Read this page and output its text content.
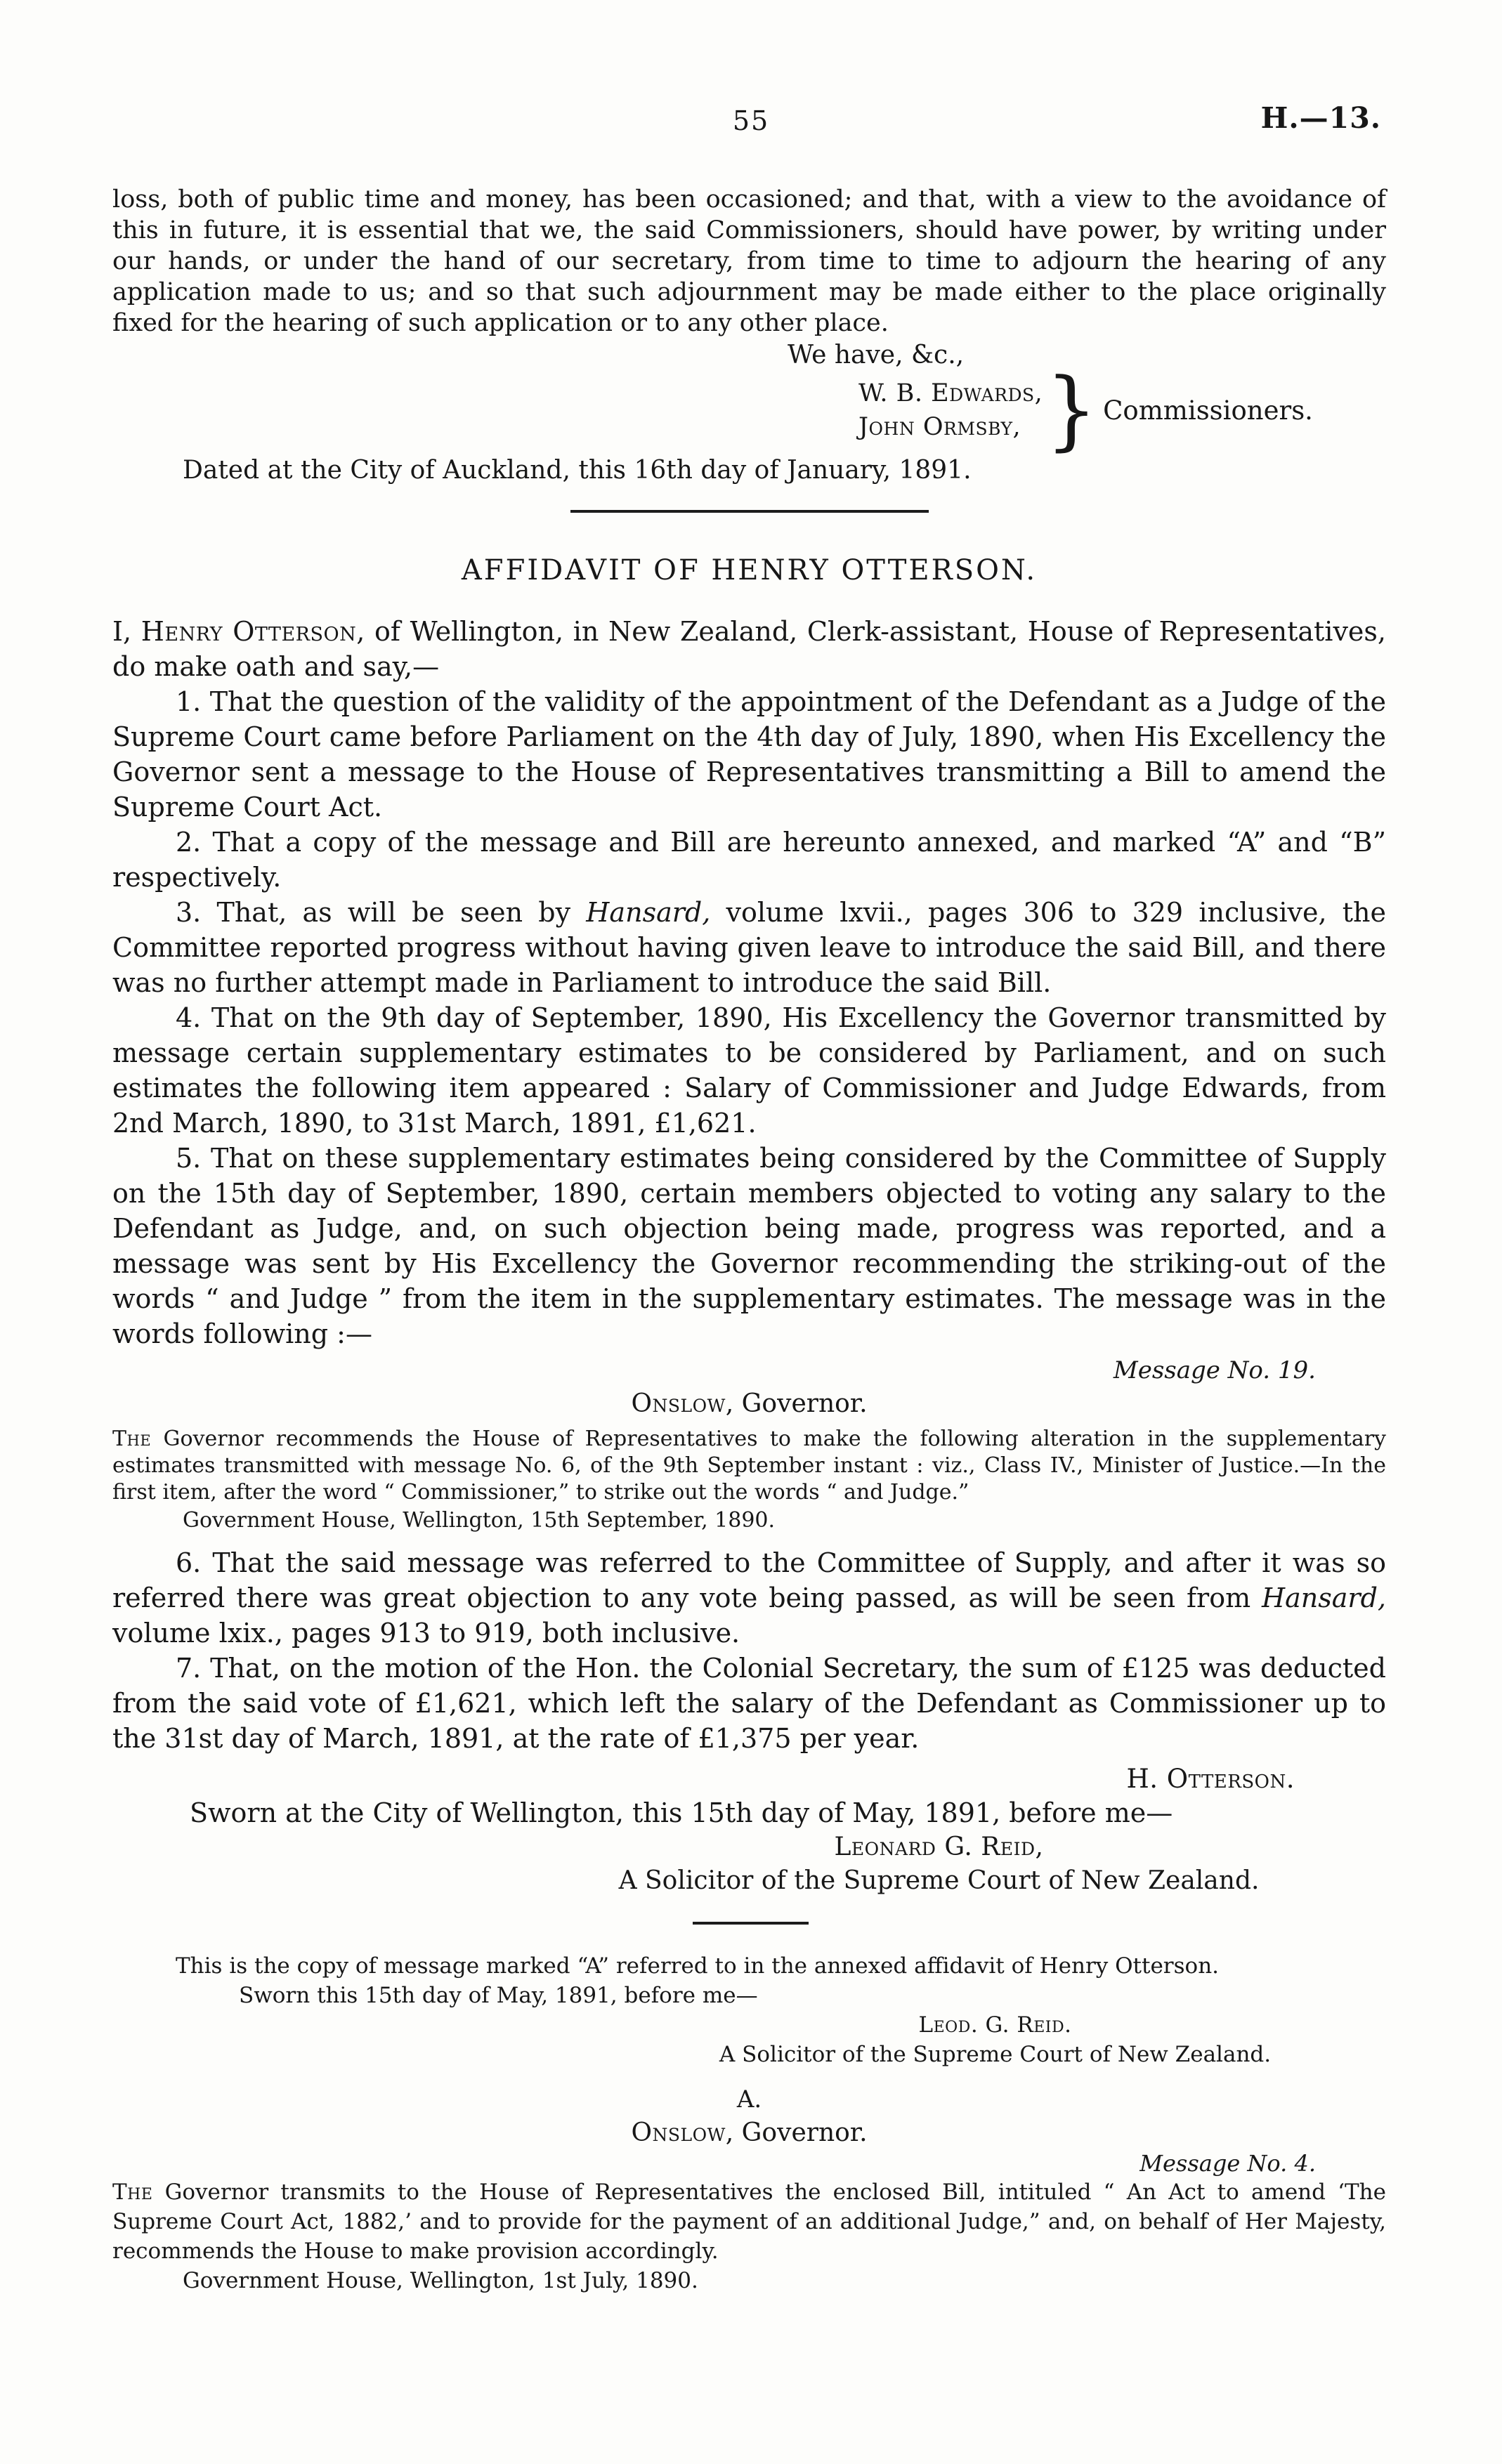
55	H.—13.

loss, both of public time and money, has been occasioned; and that, with a view to the avoidance of this in future, it is essential that we, the said Commissioners, should have power, by writing under our hands, or under the hand of our secretary, from time to time to adjourn the hearing of any application made to us; and so that such adjournment may be made either to the place originally fixed for the hearing of such application or to any other place.

We have, &c.,

W. B. Edwards,
John Ormsby, } Commissioners.

Dated at the City of Auckland, this 16th day of January, 1891.

AFFIDAVIT OF HENRY OTTERSON.

I, Henry Otterson, of Wellington, in New Zealand, Clerk-assistant, House of Representatives, do make oath and say,—

1. That the question of the validity of the appointment of the Defendant as a Judge of the Supreme Court came before Parliament on the 4th day of July, 1890, when His Excellency the Governor sent a message to the House of Representatives transmitting a Bill to amend the Supreme Court Act.

2. That a copy of the message and Bill are hereunto annexed, and marked “A” and “B” respectively.

3. That, as will be seen by Hansard, volume lxvii., pages 306 to 329 inclusive, the Committee reported progress without having given leave to introduce the said Bill, and there was no further attempt made in Parliament to introduce the said Bill.

4. That on the 9th day of September, 1890, His Excellency the Governor transmitted by message certain supplementary estimates to be considered by Parliament, and on such estimates the following item appeared : Salary of Commissioner and Judge Edwards, from 2nd March, 1890, to 31st March, 1891, £1,621.

5. That on these supplementary estimates being considered by the Committee of Supply on the 15th day of September, 1890, certain members objected to voting any salary to the Defendant as Judge, and, on such objection being made, progress was reported, and a message was sent by His Excellency the Governor recommending the striking-out of the words “ and Judge ” from the item in the supplementary estimates. The message was in the words following :—

Message No. 19.

Onslow, Governor.

The Governor recommends the House of Representatives to make the following alteration in the supplementary estimates transmitted with message No. 6, of the 9th September instant : viz., Class IV., Minister of Justice.—In the first item, after the word “ Commissioner,” to strike out the words “ and Judge.”

Government House, Wellington, 15th September, 1890.

6. That the said message was referred to the Committee of Supply, and after it was so referred there was great objection to any vote being passed, as will be seen from Hansard, volume lxix., pages 913 to 919, both inclusive.

7. That, on the motion of the Hon. the Colonial Secretary, the sum of £125 was deducted from the said vote of £1,621, which left the salary of the Defendant as Commissioner up to the 31st day of March, 1891, at the rate of £1,375 per year.

H. Otterson.

Sworn at the City of Wellington, this 15th day of May, 1891, before me—

Leonard G. Reid,

A Solicitor of the Supreme Court of New Zealand.

This is the copy of message marked “A” referred to in the annexed affidavit of Henry Otterson.

Sworn this 15th day of May, 1891, before me—

Leod. G. Reid.

A Solicitor of the Supreme Court of New Zealand.

A.

Onslow, Governor.

Message No. 4.

The Governor transmits to the House of Representatives the enclosed Bill, intituled “ An Act to amend ‘The Supreme Court Act, 1882,’ and to provide for the payment of an additional Judge,” and, on behalf of Her Majesty, recommends the House to make provision accordingly.

Government House, Wellington, 1st July, 1890.
